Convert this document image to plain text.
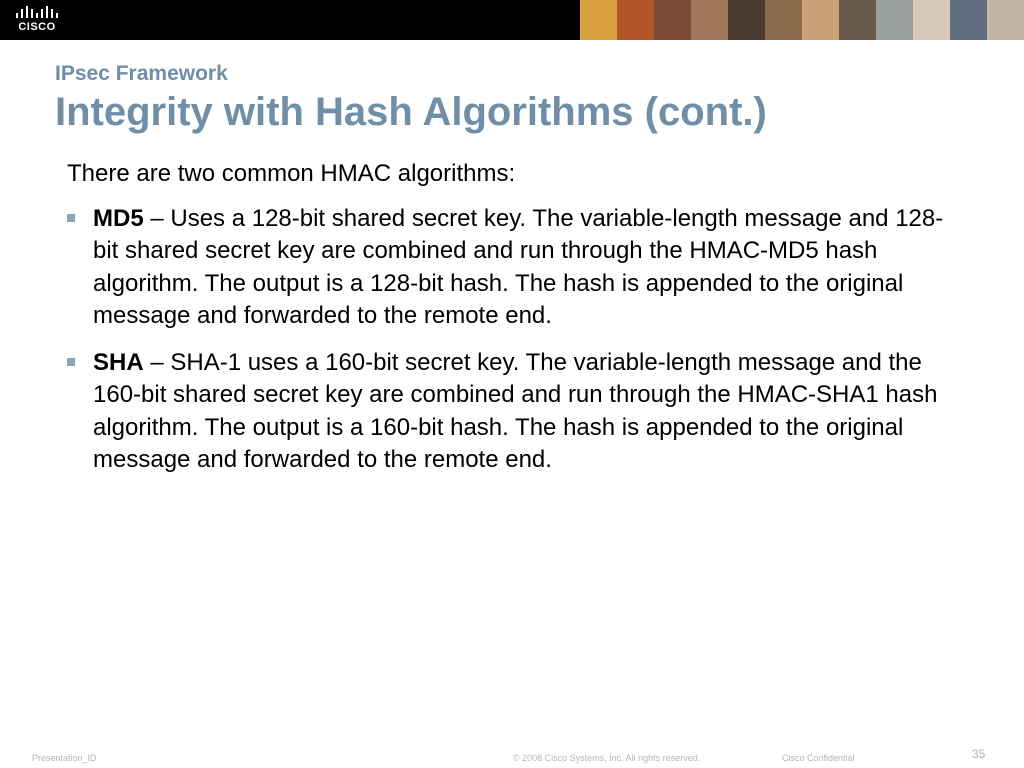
CISCO
IPsec Framework
Integrity with Hash Algorithms (cont.)

There are two common HMAC algorithms:

MD5 – Uses a 128-bit shared secret key. The variable-length message and 128-bit shared secret key are combined and run through the HMAC-MD5 hash algorithm. The output is a 128-bit hash. The hash is appended to the original message and forwarded to the remote end.
SHA – SHA-1 uses a 160-bit secret key. The variable-length message and the 160-bit shared secret key are combined and run through the HMAC-SHA1 hash algorithm. The output is a 160-bit hash. The hash is appended to the original message and forwarded to the remote end.
Presentation_ID	© 2008 Cisco Systems, Inc. All rights reserved.	Cisco Confidential	35
